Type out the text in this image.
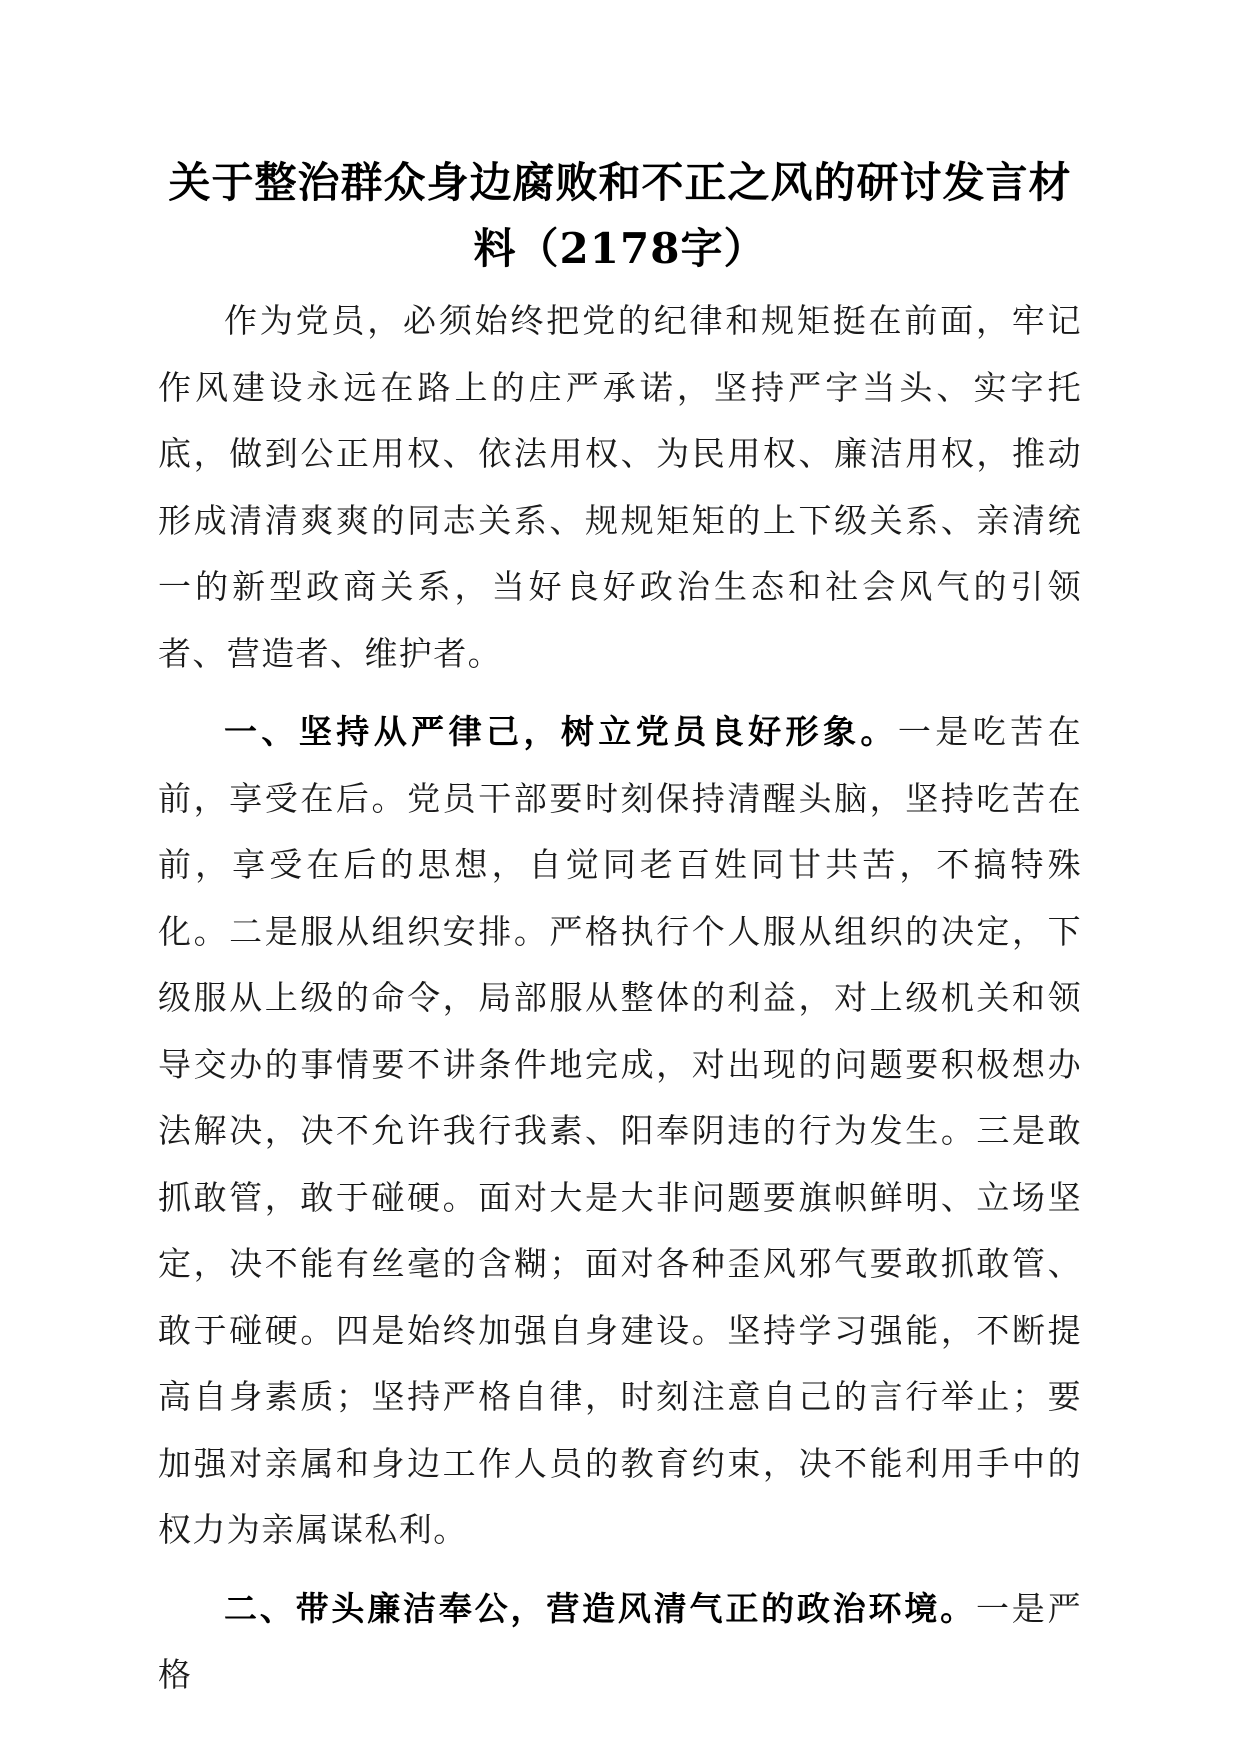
关于整治群众身边腐败和不正之风的研讨发言材料（2178字）

作为党员，必须始终把党的纪律和规矩挺在前面，牢记作风建设永远在路上的庄严承诺，坚持严字当头、实字托底，做到公正用权、依法用权、为民用权、廉洁用权，推动形成清清爽爽的同志关系、规规矩矩的上下级关系、亲清统一的新型政商关系，当好良好政治生态和社会风气的引领者、营造者、维护者。

一、坚持从严律己，树立党员良好形象。一是吃苦在前，享受在后。党员干部要时刻保持清醒头脑，坚持吃苦在前，享受在后的思想，自觉同老百姓同甘共苦，不搞特殊化。二是服从组织安排。严格执行个人服从组织的决定，下级服从上级的命令，局部服从整体的利益，对上级机关和领导交办的事情要不讲条件地完成，对出现的问题要积极想办法解决，决不允许我行我素、阳奉阴违的行为发生。三是敢抓敢管，敢于碰硬。面对大是大非问题要旗帜鲜明、立场坚定，决不能有丝毫的含糊；面对各种歪风邪气要敢抓敢管、敢于碰硬。四是始终加强自身建设。坚持学习强能，不断提高自身素质；坚持严格自律，时刻注意自己的言行举止；要加强对亲属和身边工作人员的教育约束，决不能利用手中的权力为亲属谋私利。

二、带头廉洁奉公，营造风清气正的政治环境。一是严格
